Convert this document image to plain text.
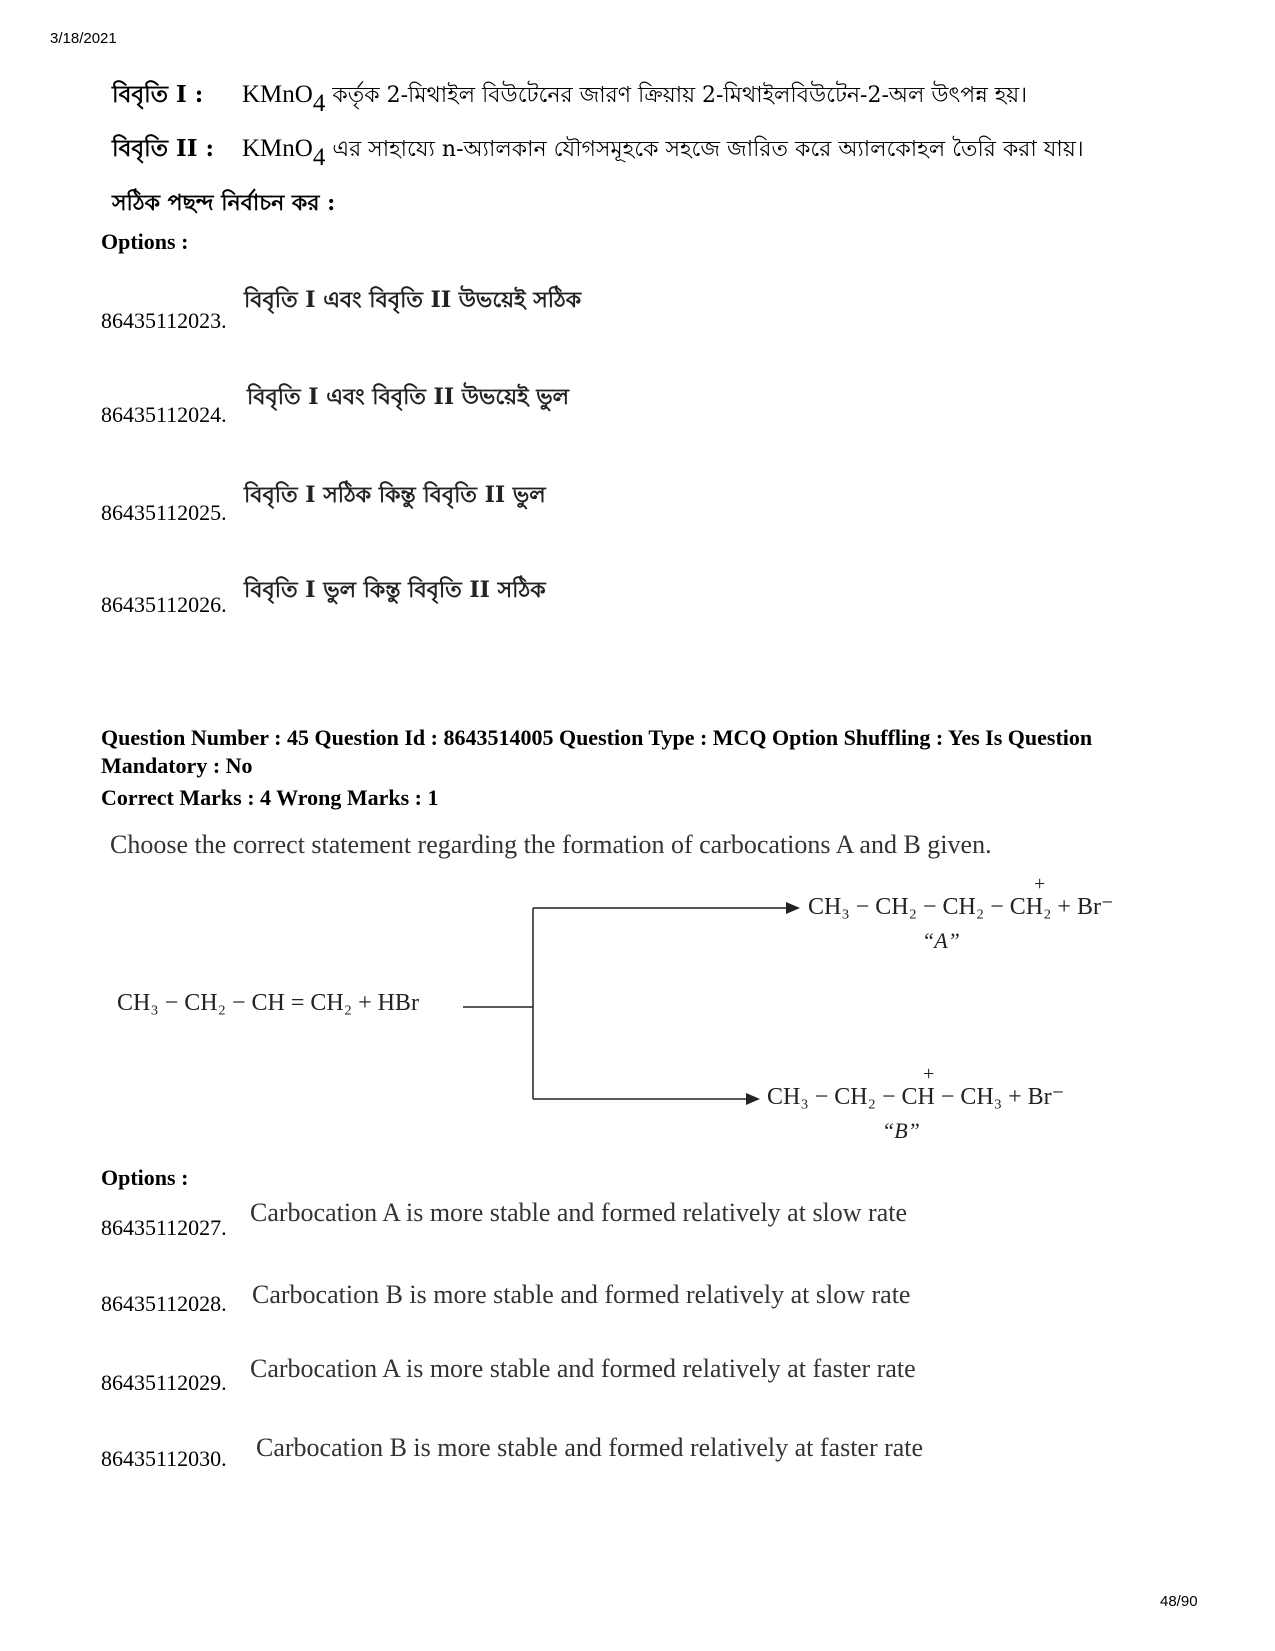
3/18/2021
48/90
বিবৃতি I :	KMnO4 কর্তৃক 2-মিথাইল বিউটেনের জারণ ক্রিয়ায় 2-মিথাইলবিউটেন-2-অল উৎপন্ন হয়।
বিবৃতি II :	KMnO4 এর সাহায্যে n-অ্যালকান যৌগসমূহকে সহজে জারিত করে অ্যালকোহল তৈরি করা যায়।
সঠিক পছন্দ নির্বাচন কর :
Options :
বিবৃতি I এবং বিবৃতি II উভয়েই সঠিক
86435112023.
বিবৃতি I এবং বিবৃতি II উভয়েই ভুল
86435112024.
বিবৃতি I সঠিক কিন্তু বিবৃতি II ভুল
86435112025.
বিবৃতি I ভুল কিন্তু বিবৃতি II সঠিক
86435112026.
Question Number : 45 Question Id : 8643514005 Question Type : MCQ Option Shuffling : Yes Is Question Mandatory : No
Correct Marks : 4 Wrong Marks : 1
Choose the correct statement regarding the formation of carbocations A and B given.
CH₃ − CH₂ − CH = CH₂ + HBr
+
CH₃ − CH₂ − CH₂ − CH₂ + Br⁻
“A”
+
CH₃ − CH₂ − CH − CH₃ + Br⁻
“B”
Options :
Carbocation A is more stable and formed relatively at slow rate
86435112027.
Carbocation B is more stable and formed relatively at slow rate
86435112028.
Carbocation A is more stable and formed relatively at faster rate
86435112029.
Carbocation B is more stable and formed relatively at faster rate
86435112030.
